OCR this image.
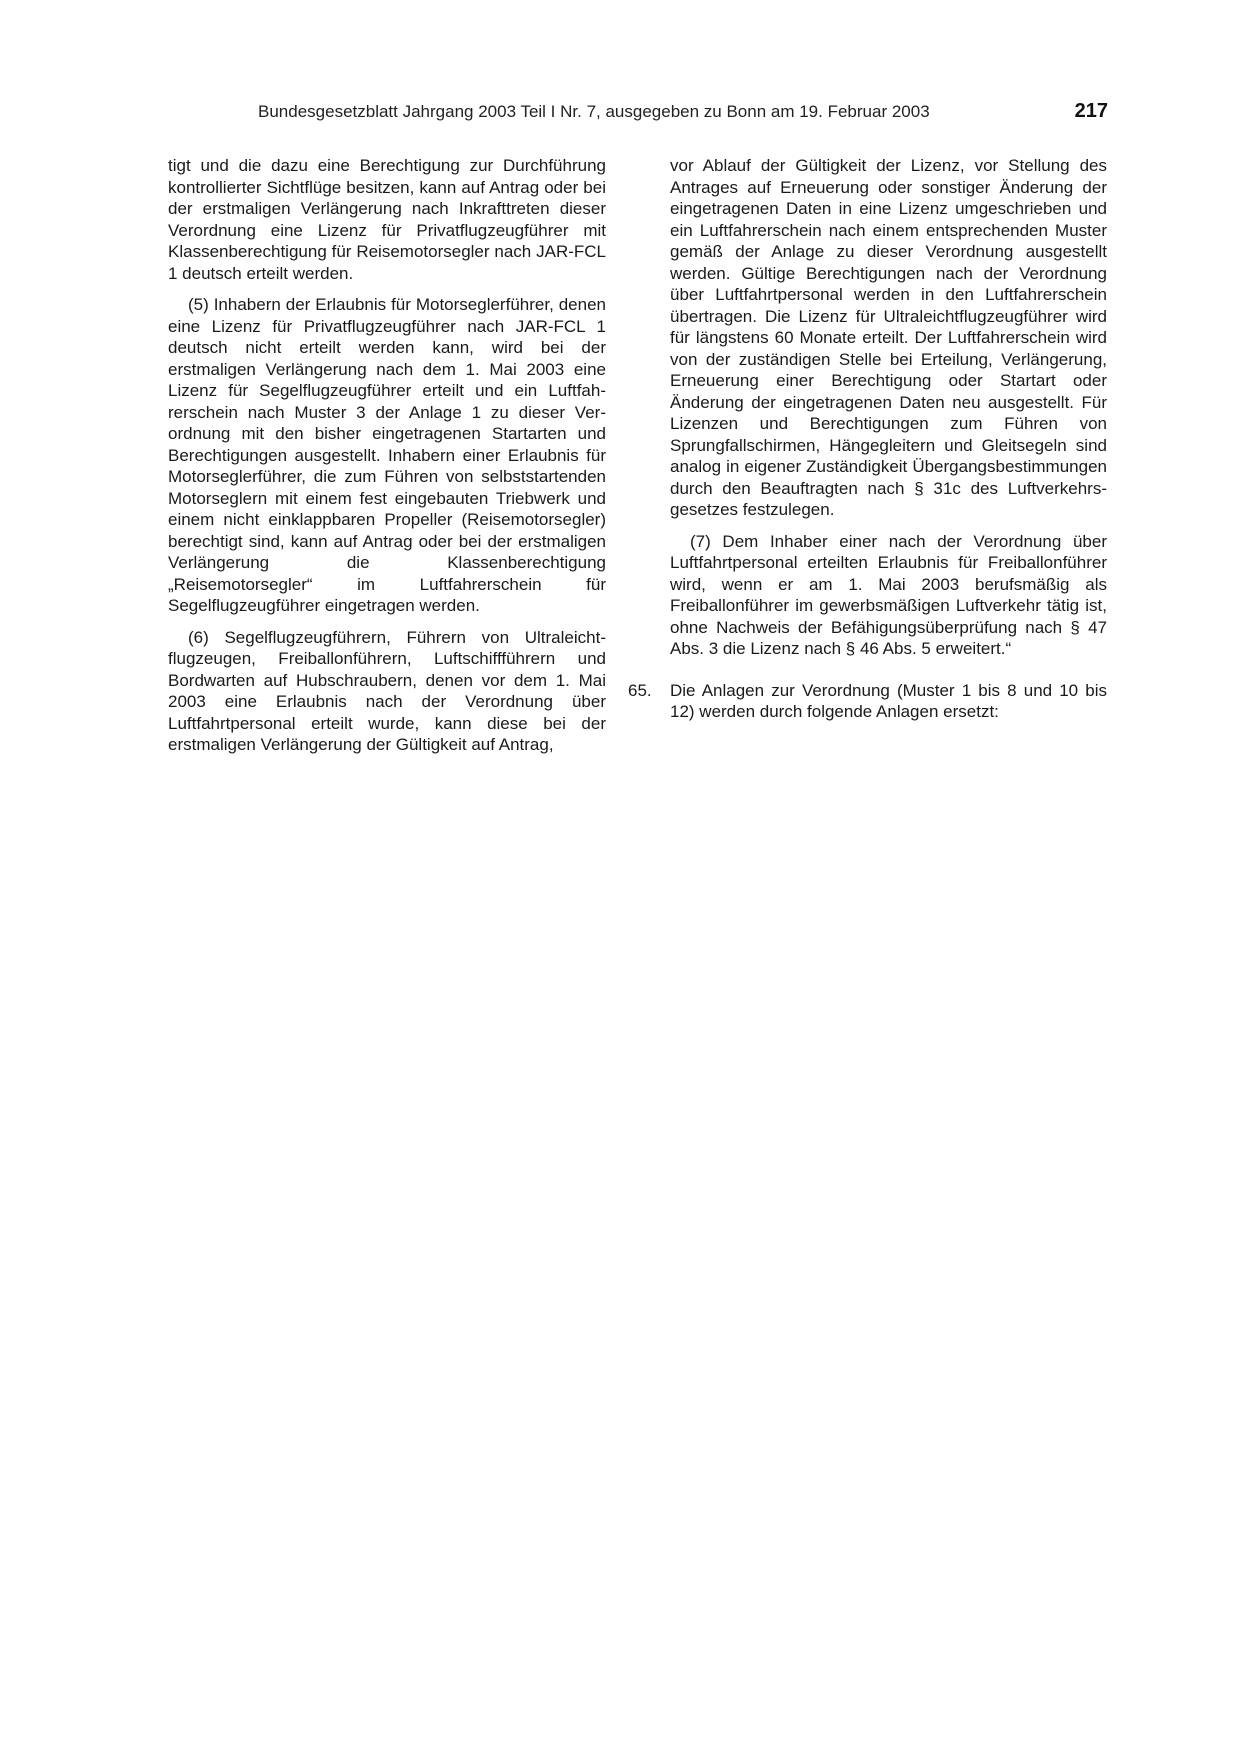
Bundesgesetzblatt Jahrgang 2003 Teil I Nr. 7, ausgegeben zu Bonn am 19. Februar 2003	217

tigt und die dazu eine Berechtigung zur Durchführung kontrollierter Sichtflüge besitzen, kann auf Antrag oder bei der erstmaligen Verlängerung nach Inkrafttreten dieser Verordnung eine Lizenz für Privatflugzeugführer mit Klassenberechtigung für Reisemotorsegler nach JAR-FCL 1 deutsch erteilt werden.

(5) Inhabern der Erlaubnis für Motorseglerführer, denen eine Lizenz für Privatflugzeugführer nach JAR-FCL 1 deutsch nicht erteilt werden kann, wird bei der erstmaligen Verlängerung nach dem 1. Mai 2003 eine Lizenz für Segelflugzeugführer erteilt und ein Luftfahrerschein nach Muster 3 der Anlage 1 zu dieser Verordnung mit den bisher eingetragenen Startarten und Berechtigungen ausgestellt. Inhabern einer Erlaubnis für Motorseglerführer, die zum Führen von selbststartenden Motorseglern mit einem fest eingebauten Triebwerk und einem nicht einklappbaren Propeller (Reisemotorsegler) berechtigt sind, kann auf Antrag oder bei der erstmaligen Verlängerung die Klassenberechtigung „Reisemotorsegler“ im Luftfahrerschein für Segelflugzeugführer eingetragen werden.

(6) Segelflugzeugführern, Führern von Ultraleichtflugzeugen, Freiballonführern, Luftschiffführern und Bordwarten auf Hubschraubern, denen vor dem 1. Mai 2003 eine Erlaubnis nach der Verordnung über Luftfahrtpersonal erteilt wurde, kann diese bei der erstmaligen Verlängerung der Gültigkeit auf Antrag,

vor Ablauf der Gültigkeit der Lizenz, vor Stellung des Antrages auf Erneuerung oder sonstiger Änderung der eingetragenen Daten in eine Lizenz umgeschrieben und ein Luftfahrerschein nach einem entsprechenden Muster gemäß der Anlage zu dieser Verordnung ausgestellt werden. Gültige Berechtigungen nach der Verordnung über Luftfahrtpersonal werden in den Luftfahrerschein übertragen. Die Lizenz für Ultraleichtflugzeugführer wird für längstens 60 Monate erteilt. Der Luftfahrerschein wird von der zuständigen Stelle bei Erteilung, Verlängerung, Erneuerung einer Berechtigung oder Startart oder Änderung der eingetragenen Daten neu ausgestellt. Für Lizenzen und Berechtigungen zum Führen von Sprungfallschirmen, Hängegleitern und Gleitsegeln sind analog in eigener Zuständigkeit Übergangsbestimmungen durch den Beauftragten nach § 31c des Luftverkehrsgesetzes festzulegen.

(7) Dem Inhaber einer nach der Verordnung über Luftfahrtpersonal erteilten Erlaubnis für Freiballonführer wird, wenn er am 1. Mai 2003 berufsmäßig als Freiballonführer im gewerbsmäßigen Luftverkehr tätig ist, ohne Nachweis der Befähigungsüberprüfung nach § 47 Abs. 3 die Lizenz nach § 46 Abs. 5 erweitert.“

65.	Die Anlagen zur Verordnung (Muster 1 bis 8 und 10 bis 12) werden durch folgende Anlagen ersetzt:
